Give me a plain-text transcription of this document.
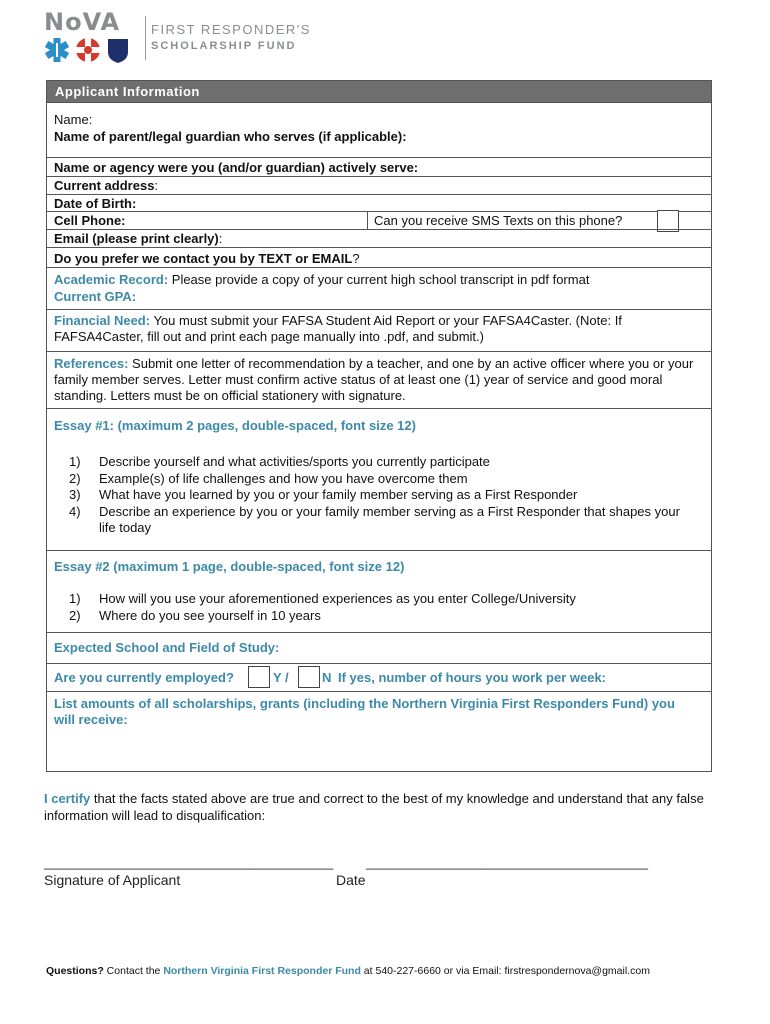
NoVA FIRST RESPONDER'S
SCHOLARSHIP FUND
Applicant Information
Name:
Name of parent/legal guardian who serves (if applicable):
Name or agency were you (and/or guardian) actively serve:
Current address:
Date of Birth:
Cell Phone:	Can you receive SMS Texts on this phone?
Email (please print clearly):
Do you prefer we contact you by TEXT or EMAIL?
Academic Record: Please provide a copy of your current high school transcript in pdf format
Current GPA:
Financial Need: You must submit your FAFSA Student Aid Report or your FAFSA4Caster. (Note: If FAFSA4Caster, fill out and print each page manually into .pdf, and submit.)
References: Submit one letter of recommendation by a teacher, and one by an active officer where you or your family member serves. Letter must confirm active status of at least one (1) year of service and good moral standing. Letters must be on official stationery with signature.
Essay #1: (maximum 2 pages, double-spaced, font size 12)
1) Describe yourself and what activities/sports you currently participate
2) Example(s) of life challenges and how you have overcome them
3) What have you learned by you or your family member serving as a First Responder
4) Describe an experience by you or your family member serving as a First Responder that shapes your life today
Essay #2 (maximum 1 page, double-spaced, font size 12)
1) How will you use your aforementioned experiences as you enter College/University
2) Where do you see yourself in 10 years
Expected School and Field of Study:
Are you currently employed?	Y /	N If yes, number of hours you work per week:
List amounts of all scholarships, grants (including the Northern Virginia First Responders Fund) you will receive:
I certify that the facts stated above are true and correct to the best of my knowledge and understand that any false information will lead to disqualification:
________________________________________	_______________________________________
Signature of Applicant	Date
Questions? Contact the Northern Virginia First Responder Fund at 540-227-6660 or via Email: firstrespondernova@gmail.com
